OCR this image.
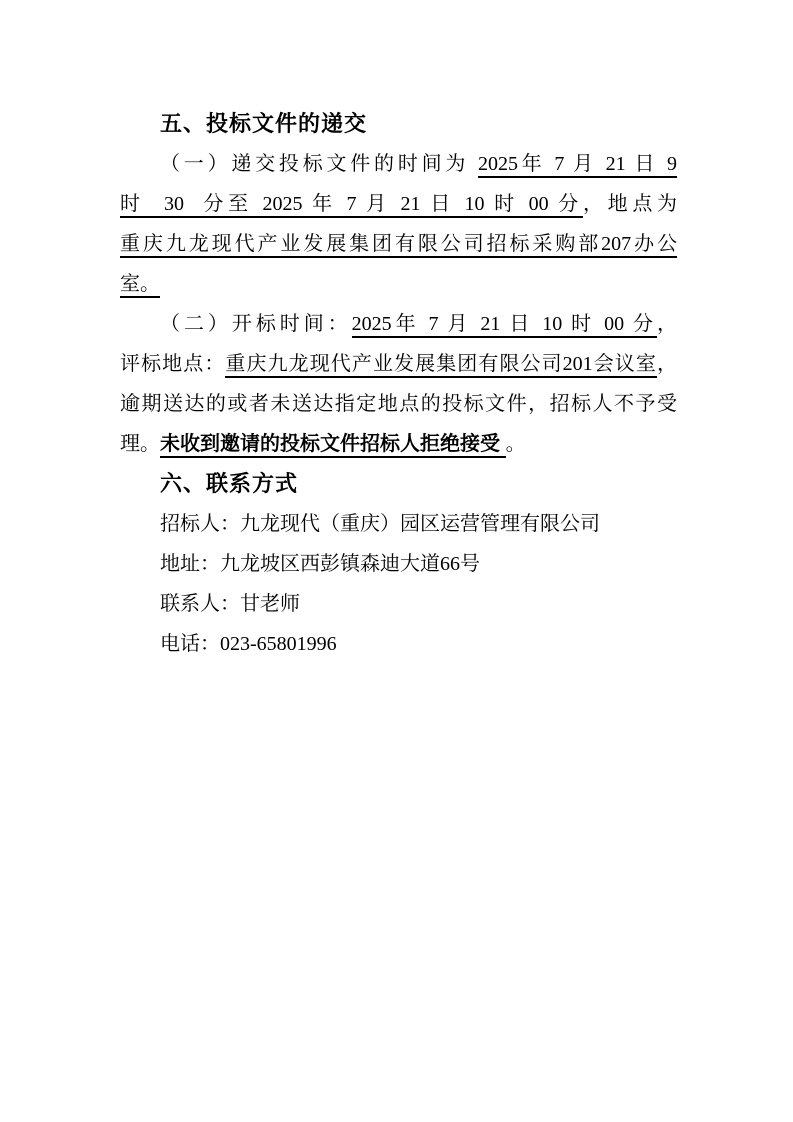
五、投标文件的递交
（一）递交投标文件的时间为 2025年 7 月 21 日 9
时  30  分至 2025 年 7 月 21 日 10 时 00 分，地点为
重庆九龙现代产业发展集团有限公司招标采购部207办公
室。
（二）开标时间：2025年 7 月 21 日 10 时 00 分，
评标地点：重庆九龙现代产业发展集团有限公司201会议室，
逾期送达的或者未送达指定地点的投标文件，招标人不予受
理。未收到邀请的投标文件招标人拒绝接受 。
六、联系方式
招标人：九龙现代（重庆）园区运营管理有限公司
地址：九龙坡区西彭镇森迪大道66号
联系人：甘老师
电话：023-65801996
